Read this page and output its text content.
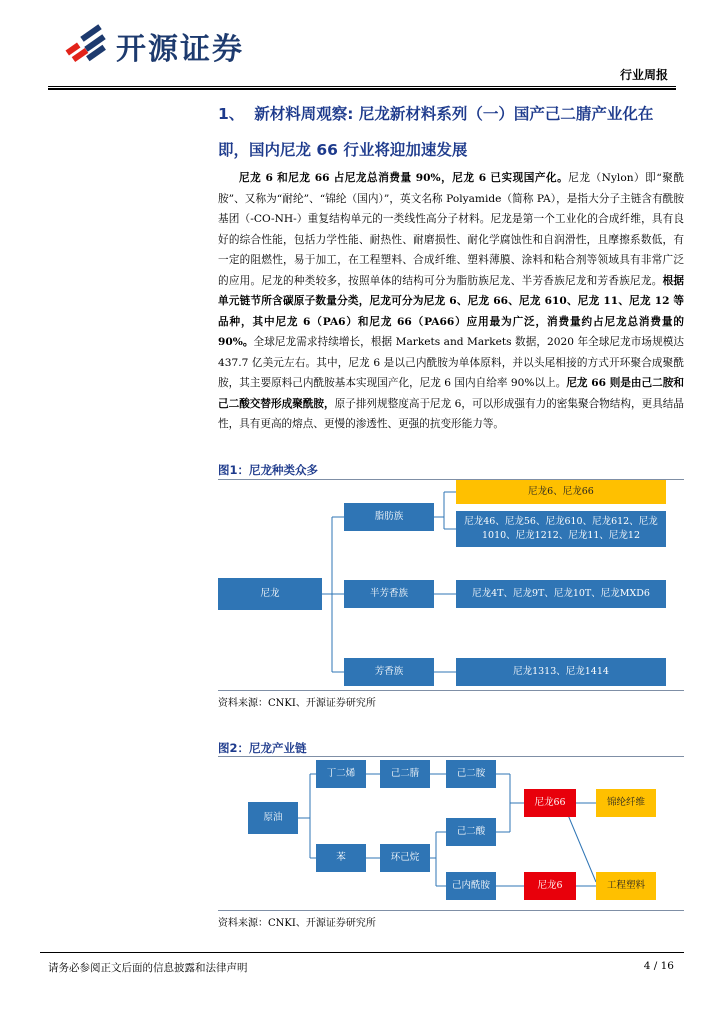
开源证券
行业周报
1、 新材料周观察: 尼龙新材料系列（一）国产己二腈产业化在即，国内尼龙 66 行业将迎加速发展
尼龙 6 和尼龙 66 占尼龙总消费量 90%，尼龙 6 已实现国产化。尼龙（Nylon）即“聚酰胺”、又称为“耐纶”、“锦纶（国内）”，英文名称 Polyamide（简称 PA），是指大分子主链含有酰胺基团（-CO-NH-）重复结构单元的一类线性高分子材料。尼龙是第一个工业化的合成纤维，具有良好的综合性能，包括力学性能、耐热性、耐磨损性、耐化学腐蚀性和自润滑性，且摩擦系数低，有一定的阻燃性，易于加工，在工程塑料、合成纤维、塑料薄膜、涂料和粘合剂等领域具有非常广泛的应用。尼龙的种类较多，按照单体的结构可分为脂肪族尼龙、半芳香族尼龙和芳香族尼龙。根据单元链节所含碳原子数量分类，尼龙可分为尼龙 6、尼龙 66、尼龙 610、尼龙 11、尼龙 12 等品种，其中尼龙 6（PA6）和尼龙 66（PA66）应用最为广泛，消费量约占尼龙总消费量的 90%。全球尼龙需求持续增长，根据 Markets and Markets 数据，2020 年全球尼龙市场规模达 437.7 亿美元左右。其中，尼龙 6 是以己内酰胺为单体原料，并以头尾相接的方式开环聚合成聚酰胺，其主要原料己内酰胺基本实现国产化，尼龙 6 国内自给率 90%以上。尼龙 66 则是由己二胺和己二酸交替形成聚酰胺，原子排列规整度高于尼龙 6，可以形成强有力的密集聚合物结构，更具结晶性，具有更高的熔点、更慢的渗透性、更强的抗变形能力等。
图1：尼龙种类众多
尼龙
脂肪族
半芳香族
芳香族
尼龙6、尼龙66
尼龙46、尼龙56、尼龙610、尼龙612、尼龙1010、尼龙1212、尼龙11、尼龙12
尼龙4T、尼龙9T、尼龙10T、尼龙MXD6
尼龙1313、尼龙1414
资料来源：CNKI、开源证券研究所
图2：尼龙产业链
原油
丁二烯	己二腈	己二胺
苯	环己烷
己二酸
己内酰胺
尼龙66
尼龙6
锦纶纤维
工程塑料
资料来源：CNKI、开源证券研究所
请务必参阅正文后面的信息披露和法律声明	4 / 16
